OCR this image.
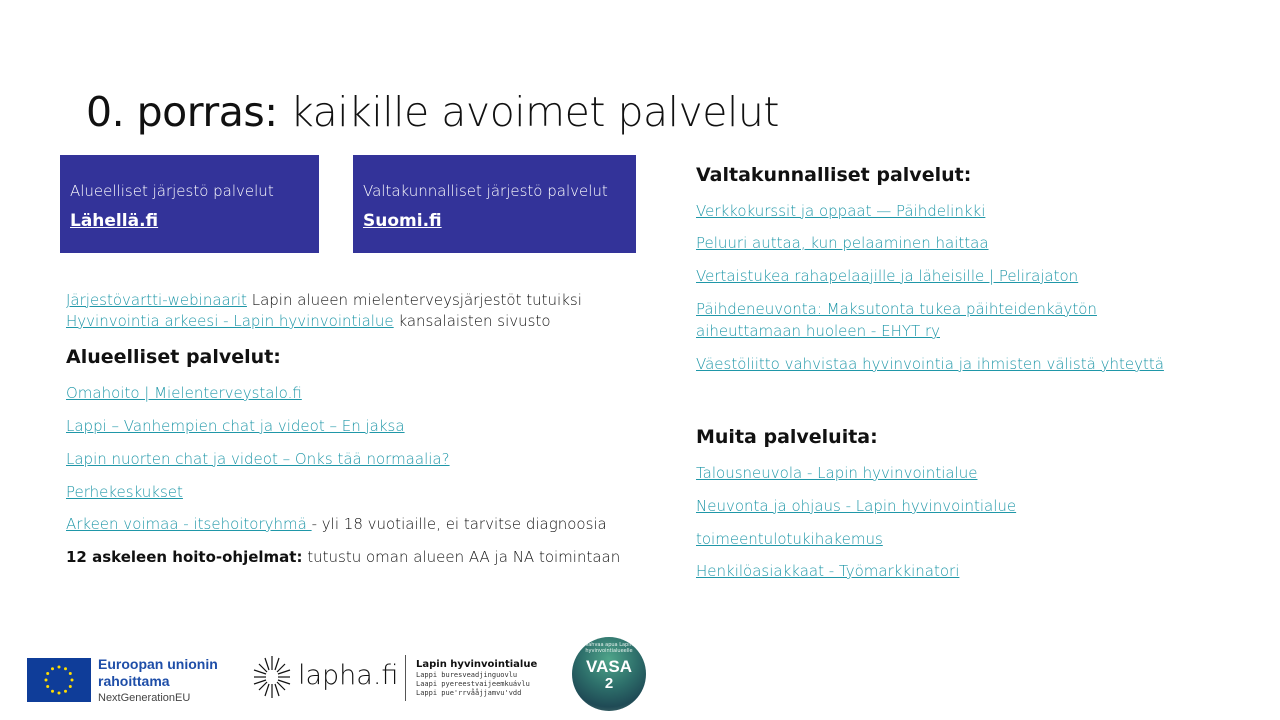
0. porras: kaikille avoimet palvelut
Alueelliset järjestö palvelut
Lähellä.fi
Valtakunnalliset järjestö palvelut
Suomi.fi
Järjestövartti-webinaarit Lapin alueen mielenterveysjärjestöt tutuiksi
Hyvinvointia arkeesi - Lapin hyvinvointialue kansalaisten sivusto
Alueelliset palvelut:
Omahoito | Mielenterveystalo.fi
Lappi – Vanhempien chat ja videot – En jaksa
Lapin nuorten chat ja videot – Onks tää normaalia?
Perhekeskukset
Arkeen voimaa - itsehoitoryhmä - yli 18 vuotiaille, ei tarvitse diagnoosia
12 askeleen hoito-ohjelmat: tutustu oman alueen AA ja NA toimintaan
Valtakunnalliset palvelut:
Verkkokurssit ja oppaat — Päihdelinkki
Peluuri auttaa, kun pelaaminen haittaa
Vertaistukea rahapelaajille ja läheisille | Pelirajaton
Päihdeneuvonta: Maksutonta tukea päihteidenkäytön
aiheuttamaan huoleen - EHYT ry
Väestöliitto vahvistaa hyvinvointia ja ihmisten välistä yhteyttä
Muita palveluita:
Talousneuvola - Lapin hyvinvointialue
Neuvonta ja ohjaus - Lapin hyvinvointialue
toimeentulotukihakemus
Henkilöasiakkaat - Työmarkkinatori
Euroopan unionin
rahoittama
NextGenerationEU
lapha.fi Lapin hyvinvointialue
Lappi buresveadjinguovlu
Laapi pyereestvaijeemkuávlu
Lappi pue'rrvååjjamvu'vdd
Vahvaa apua Lapin hyvinvointialueelle
VASA
2
